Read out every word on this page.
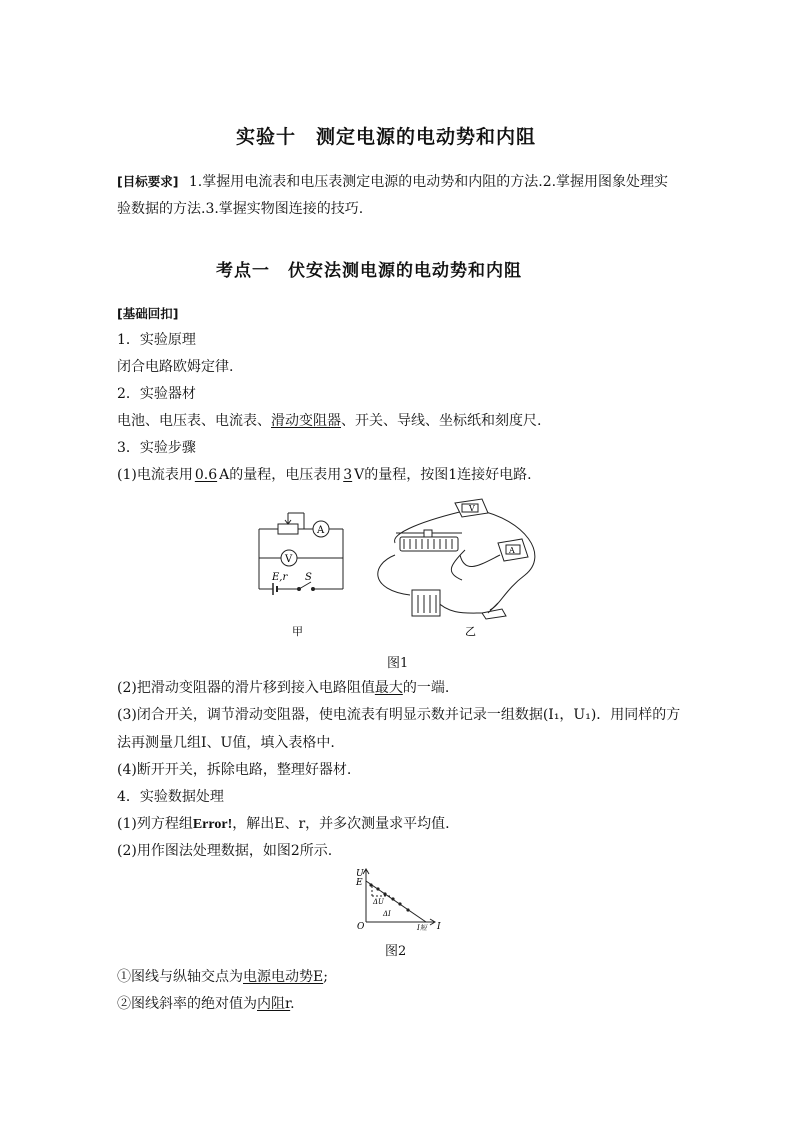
实验十　测定电源的电动势和内阻
[目标要求] 1.掌握用电流表和电压表测定电源的电动势和内阻的方法.2.掌握用图象处理实
验数据的方法.3.掌握实物图连接的技巧.
考点一　伏安法测电源的电动势和内阻
[基础回扣]
1．实验原理
闭合电路欧姆定律.
2．实验器材
电池、电压表、电流表、滑动变阻器、开关、导线、坐标纸和刻度尺.
3．实验步骤
(1)电流表用 0.6 A的量程，电压表用 3 V的量程，按图1连接好电路.
A
V
E,r S
V
A
甲	乙
图1
(2)把滑动变阻器的滑片移到接入电路阻值最大的一端.
(3)闭合开关，调节滑动变阻器，使电流表有明显示数并记录一组数据(I₁，U₁)．用同样的方
法再测量几组I、U值，填入表格中.
(4)断开开关，拆除电路，整理好器材.
4．实验数据处理
(1)列方程组Error!，解出E、r，并多次测量求平均值.
(2)用作图法处理数据，如图2所示.
U
I
O
E
ΔU
ΔI
I短
图2
①图线与纵轴交点为电源电动势E;
②图线斜率的绝对值为内阻r.
